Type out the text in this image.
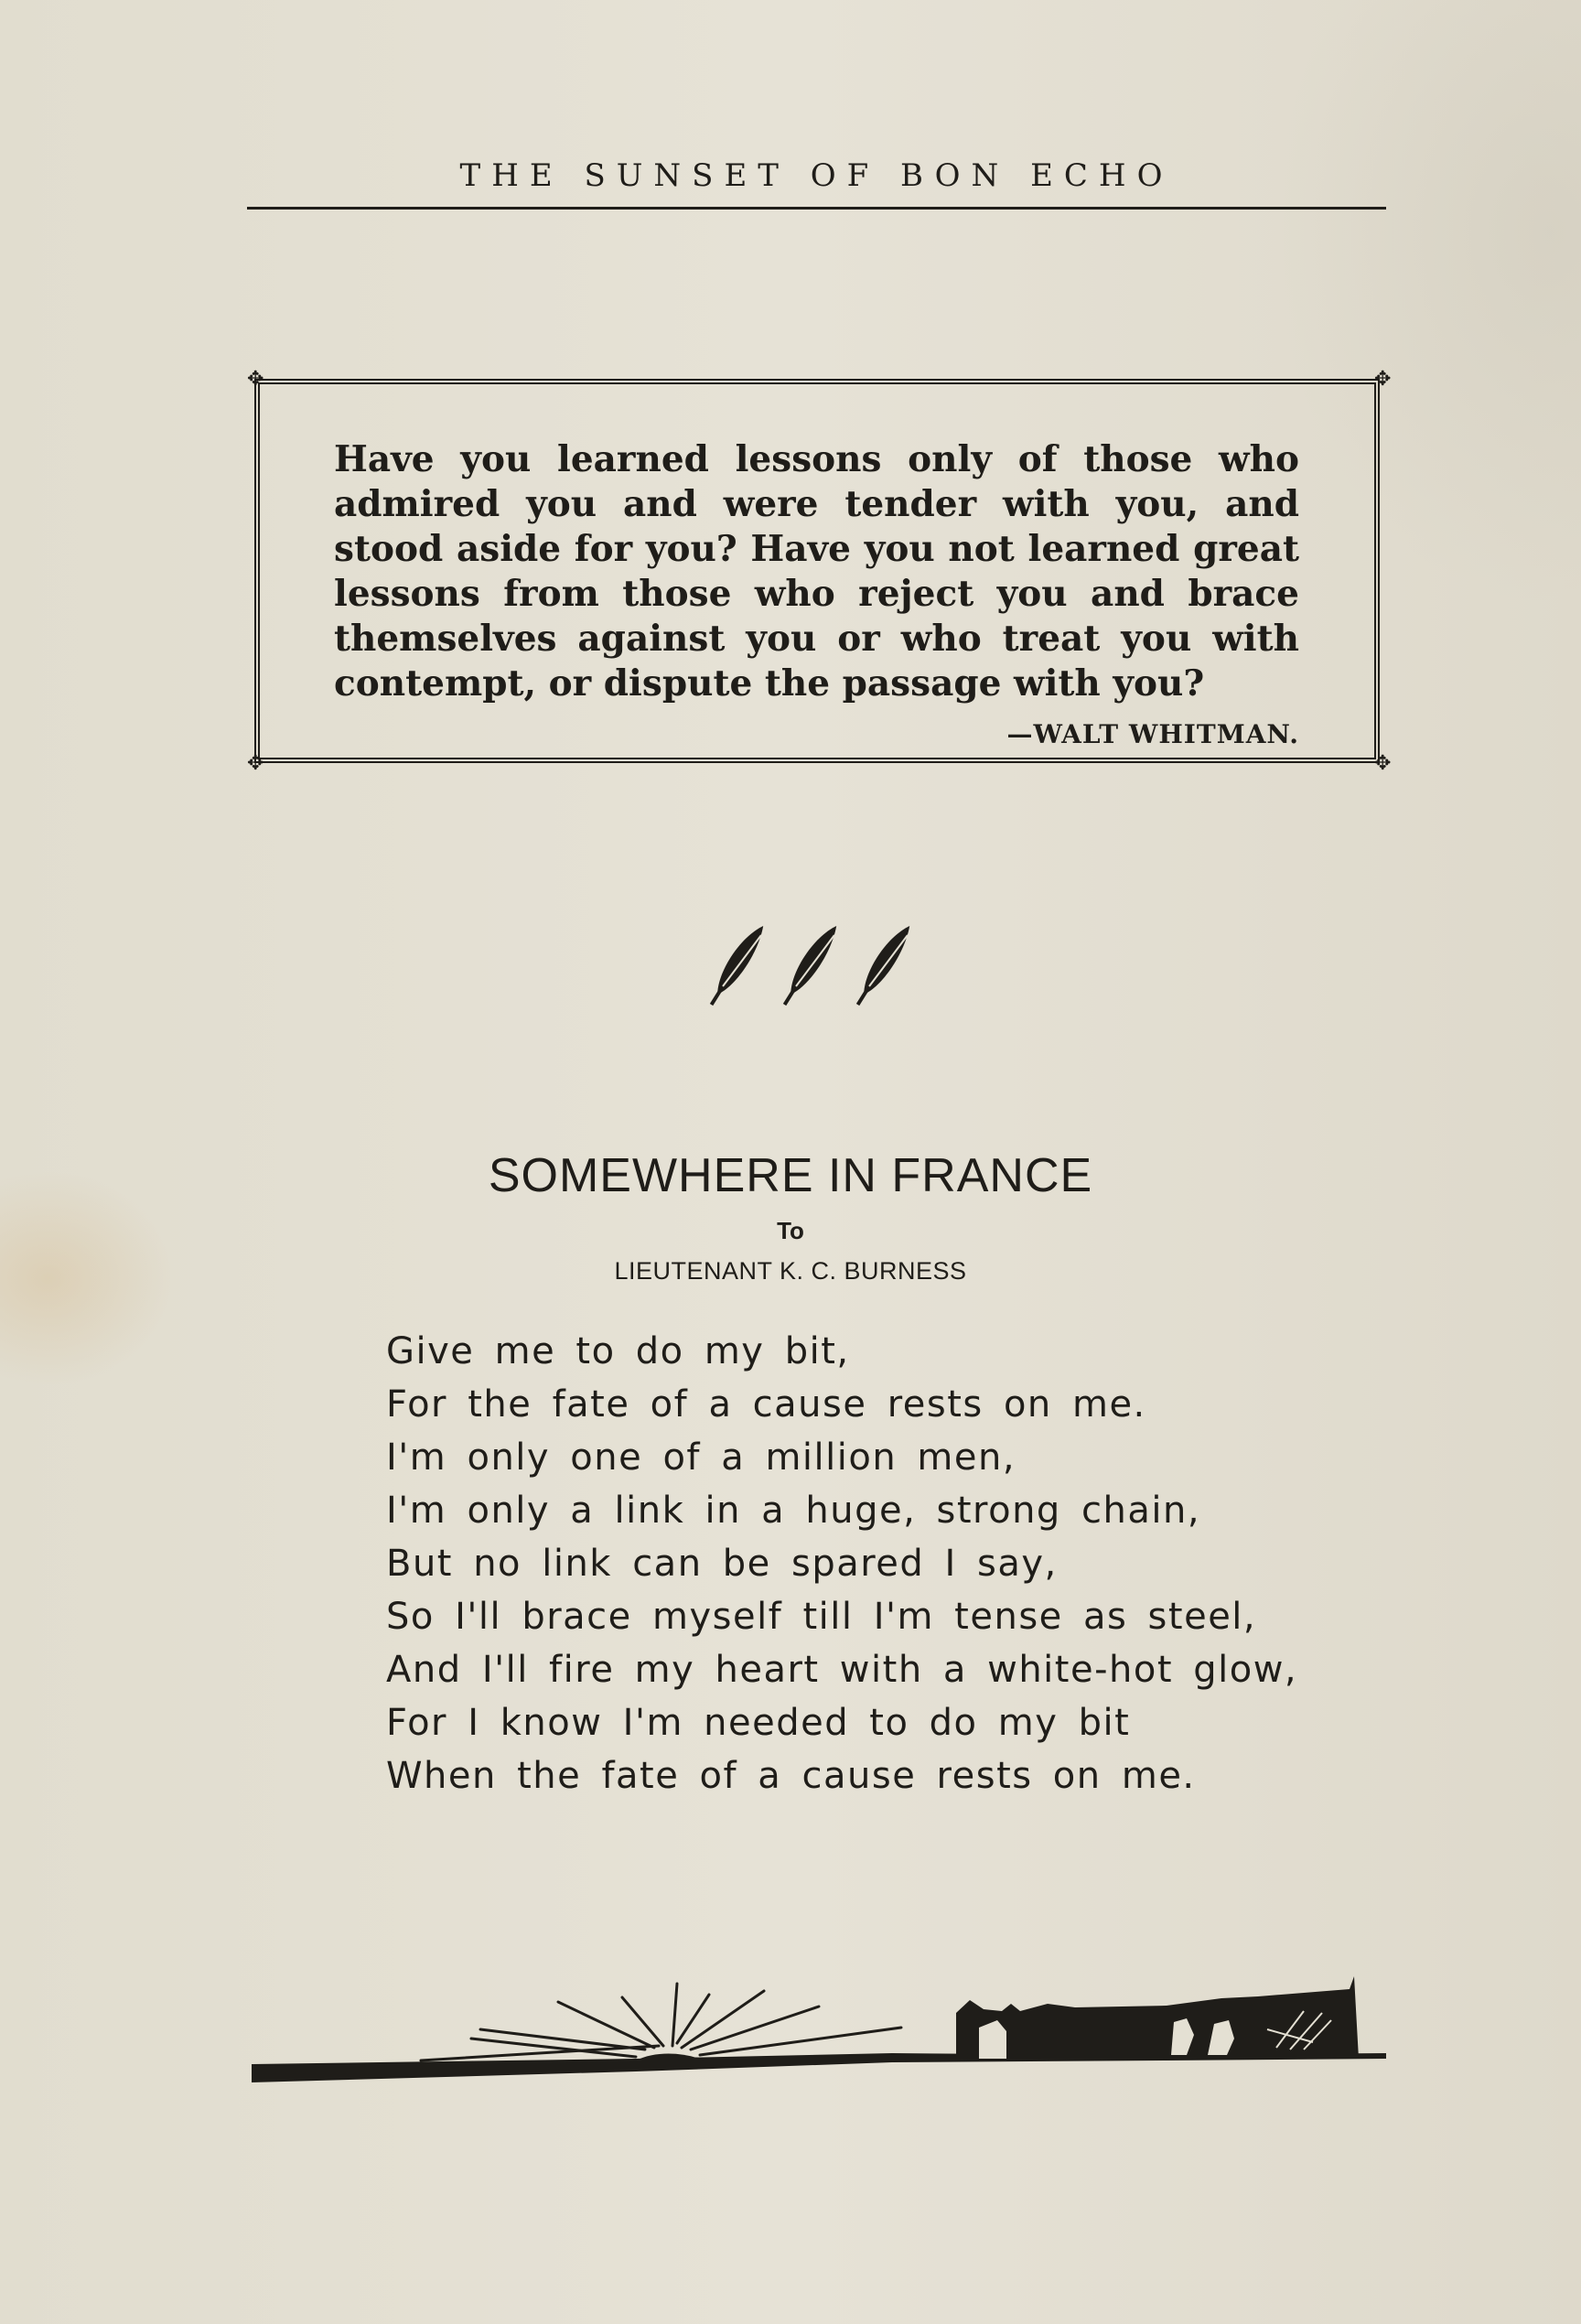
THE SUNSET OF BON ECHO
✥	✥
✥	✥
Have you learned lessons only of those who admired you and were tender with you, and stood aside for you? Have you not learned great lessons from those who reject you and brace themselves against you or who treat you with contempt, or dispute the passage with you?
—WALT WHITMAN.
SOMEWHERE IN FRANCE
To
LIEUTENANT K. C. BURNESS
Give me to do my bit,
For the fate of a cause rests on me.
I'm only one of a million men,
I'm only a link in a huge, strong chain,
But no link can be spared I say,
So I'll brace myself till I'm tense as steel,
And I'll fire my heart with a white-hot glow,
For I know I'm needed to do my bit
When the fate of a cause rests on me.
